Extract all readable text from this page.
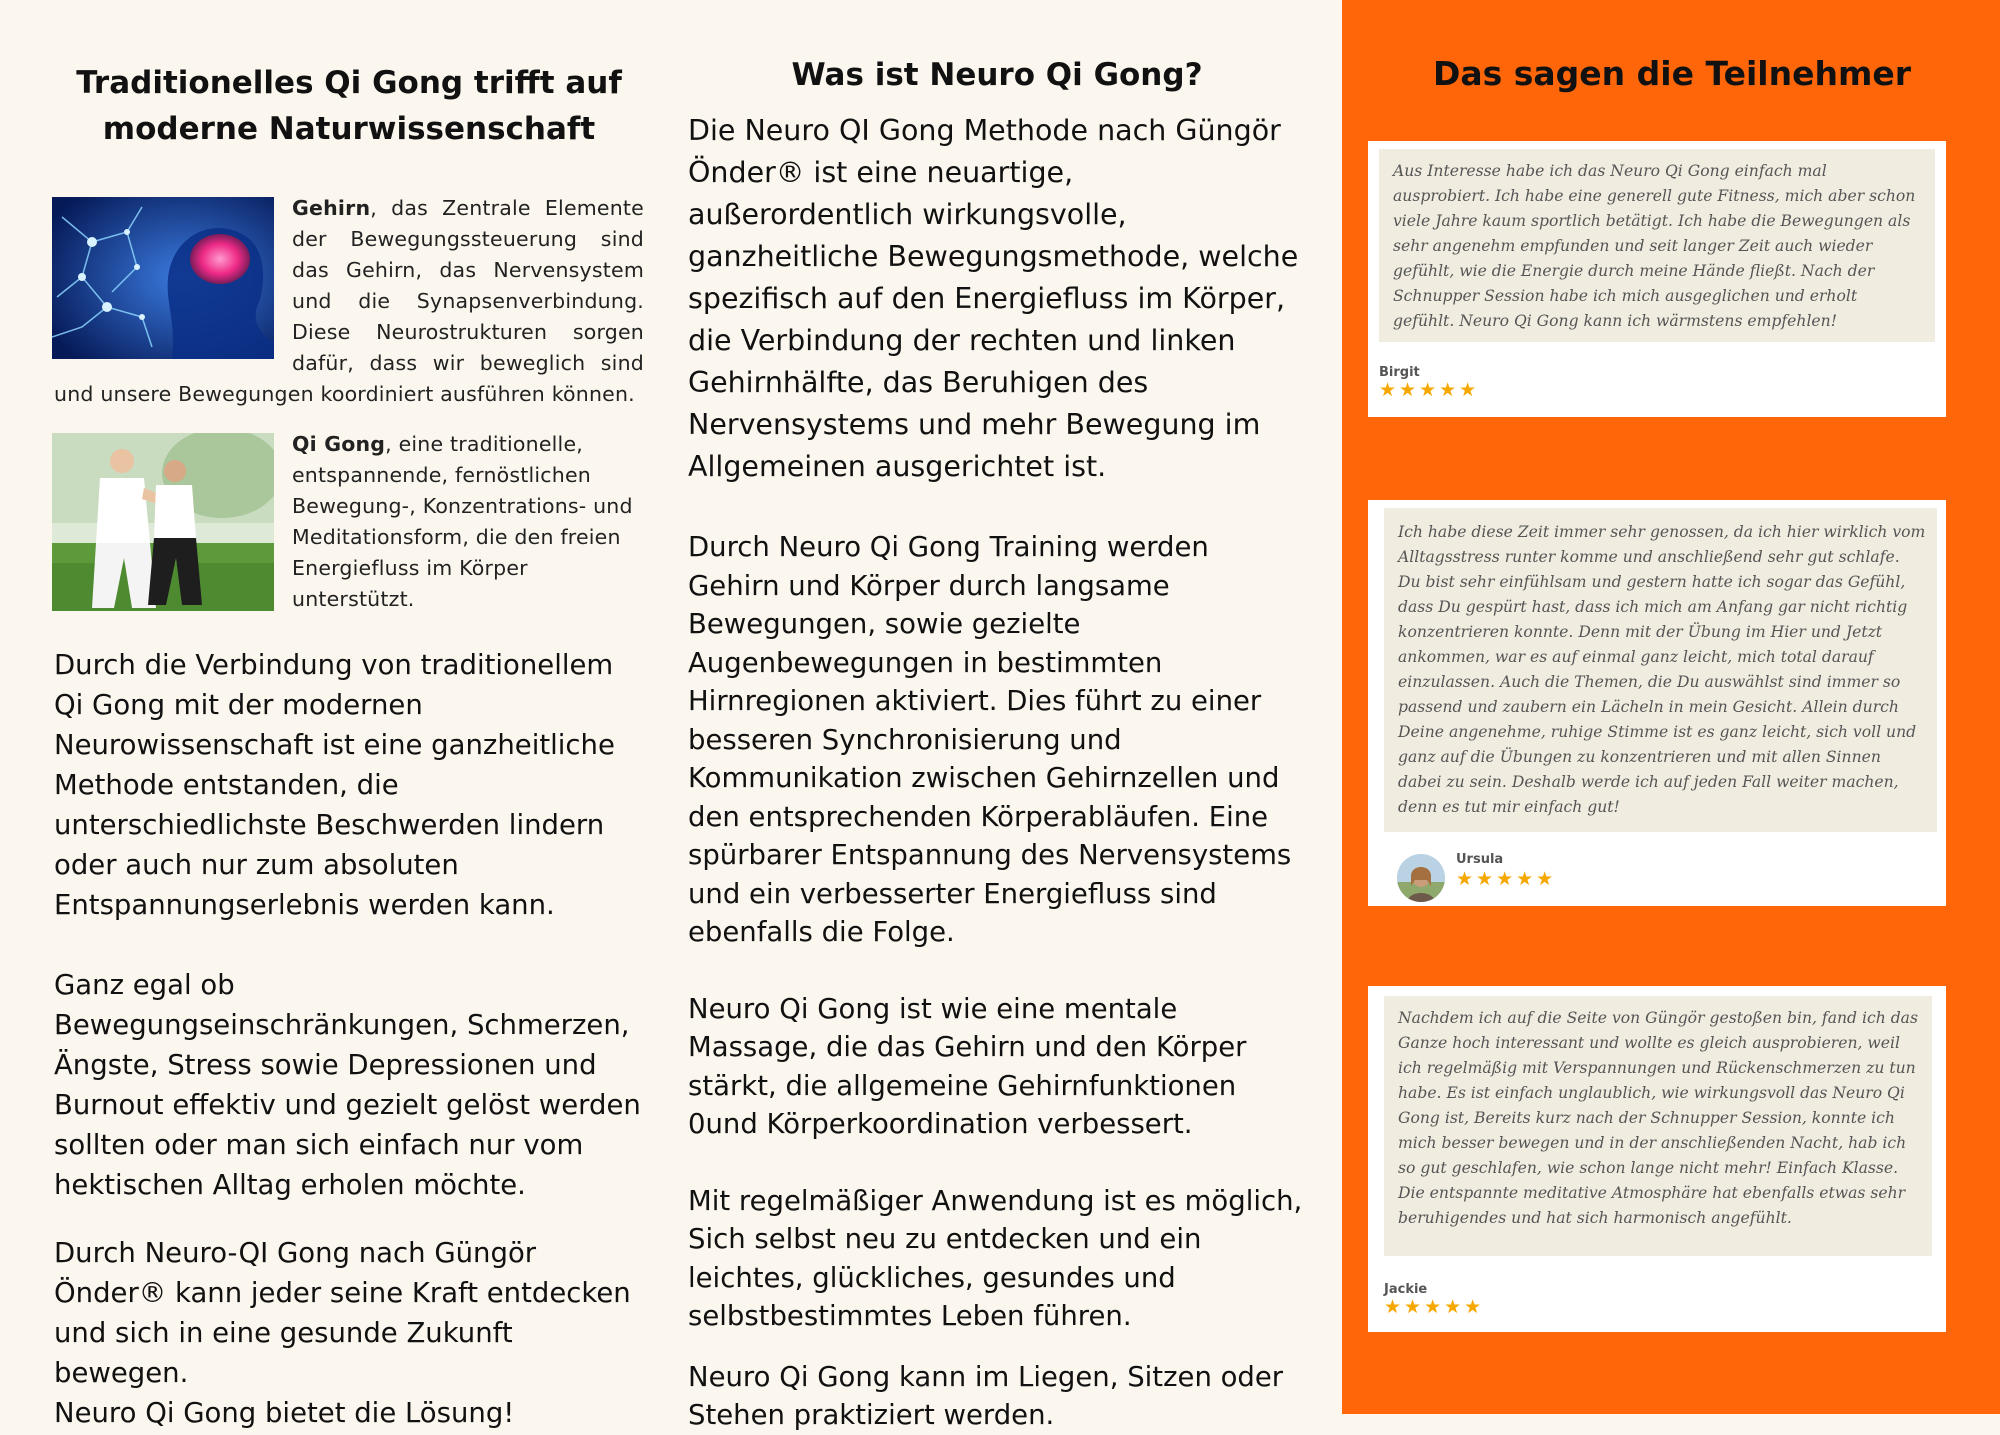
Traditionelles Qi Gong trifft auf moderne Naturwissenschaft
Gehirn, das Zentrale Elemente der Bewegungssteuerung sind das Gehirn, das Nervensystem und die Synapsenverbindung. Diese Neurostrukturen sorgen dafür, dass wir beweglich sind und unsere Bewegungen koordiniert ausführen können.
Qi Gong, eine traditionelle, entspannende, fernöstlichen Bewegung-, Konzentrations- und Meditationsform, die den freien Energiefluss im Körper unterstützt.

Durch die Verbindung von traditionellem Qi Gong mit der modernen Neurowissenschaft ist eine ganzheitliche Methode entstanden, die unterschiedlichste Beschwerden lindern oder auch nur zum absoluten Entspannungserlebnis werden kann.

Ganz egal ob Bewegungseinschränkungen, Schmerzen, Ängste, Stress sowie Depressionen und Burnout effektiv und gezielt gelöst werden sollten oder man sich einfach nur vom hektischen Alltag erholen möchte.

Durch Neuro-QI Gong nach Güngör Önder® kann jeder seine Kraft entdecken und sich in eine gesunde Zukunft bewegen.
Neuro Qi Gong bietet die Lösung!

Was ist Neuro Qi Gong?

Die Neuro QI Gong Methode nach Güngör Önder® ist eine neuartige, außerordentlich wirkungsvolle, ganzheitliche Bewegungsmethode, welche spezifisch auf den Energiefluss im Körper, die Verbindung der rechten und linken Gehirnhälfte, das Beruhigen des Nervensystems und mehr Bewegung im Allgemeinen ausgerichtet ist.

Durch Neuro Qi Gong Training werden Gehirn und Körper durch langsame Bewegungen, sowie gezielte Augenbewegungen in bestimmten Hirnregionen aktiviert. Dies führt zu einer besseren Synchronisierung und Kommunikation zwischen Gehirnzellen und den entsprechenden Körperabläufen. Eine spürbarer Entspannung des Nervensystems und ein verbesserter Energiefluss sind ebenfalls die Folge.

Neuro Qi Gong ist wie eine mentale Massage, die das Gehirn und den Körper stärkt, die allgemeine Gehirnfunktionen 0und Körperkoordination verbessert.

Mit regelmäßiger Anwendung ist es möglich, Sich selbst neu zu entdecken und ein leichtes, glückliches, gesundes und selbstbestimmtes Leben führen.

Neuro Qi Gong kann im Liegen, Sitzen oder Stehen praktiziert werden.

Das sagen die Teilnehmer
Aus Interesse habe ich das Neuro Qi Gong einfach mal ausprobiert. Ich habe eine generell gute Fitness, mich aber schon viele Jahre kaum sportlich betätigt. Ich habe die Bewegungen als sehr angenehm empfunden und seit langer Zeit auch wieder gefühlt, wie die Energie durch meine Hände fließt. Nach der Schnupper Session habe ich mich ausgeglichen und erholt gefühlt. Neuro Qi Gong kann ich wärmstens empfehlen!

Birgit

★★★★★
Ich habe diese Zeit immer sehr genossen, da ich hier wirklich vom Alltagsstress runter komme und anschließend sehr gut schlafe. Du bist sehr einfühlsam und gestern hatte ich sogar das Gefühl, dass Du gespürt hast, dass ich mich am Anfang gar nicht richtig konzentrieren konnte. Denn mit der Übung im Hier und Jetzt ankommen, war es auf einmal ganz leicht, mich total darauf einzulassen. Auch die Themen, die Du auswählst sind immer so passend und zaubern ein Lächeln in mein Gesicht. Allein durch Deine angenehme, ruhige Stimme ist es ganz leicht, sich voll und ganz auf die Übungen zu konzentrieren und mit allen Sinnen dabei zu sein. Deshalb werde ich auf jeden Fall weiter machen, denn es tut mir einfach gut!

Ursula

★★★★★
Nachdem ich auf die Seite von Güngör gestoßen bin, fand ich das Ganze hoch interessant und wollte es gleich ausprobieren, weil ich regelmäßig mit Verspannungen und Rückenschmerzen zu tun habe. Es ist einfach unglaublich, wie wirkungsvoll das Neuro Qi Gong ist, Bereits kurz nach der Schnupper Session, konnte ich mich besser bewegen und in der anschließenden Nacht, hab ich so gut geschlafen, wie schon lange nicht mehr! Einfach Klasse. Die entspannte meditative Atmosphäre hat ebenfalls etwas sehr beruhigendes und hat sich harmonisch angefühlt.

Jackie

★★★★★
